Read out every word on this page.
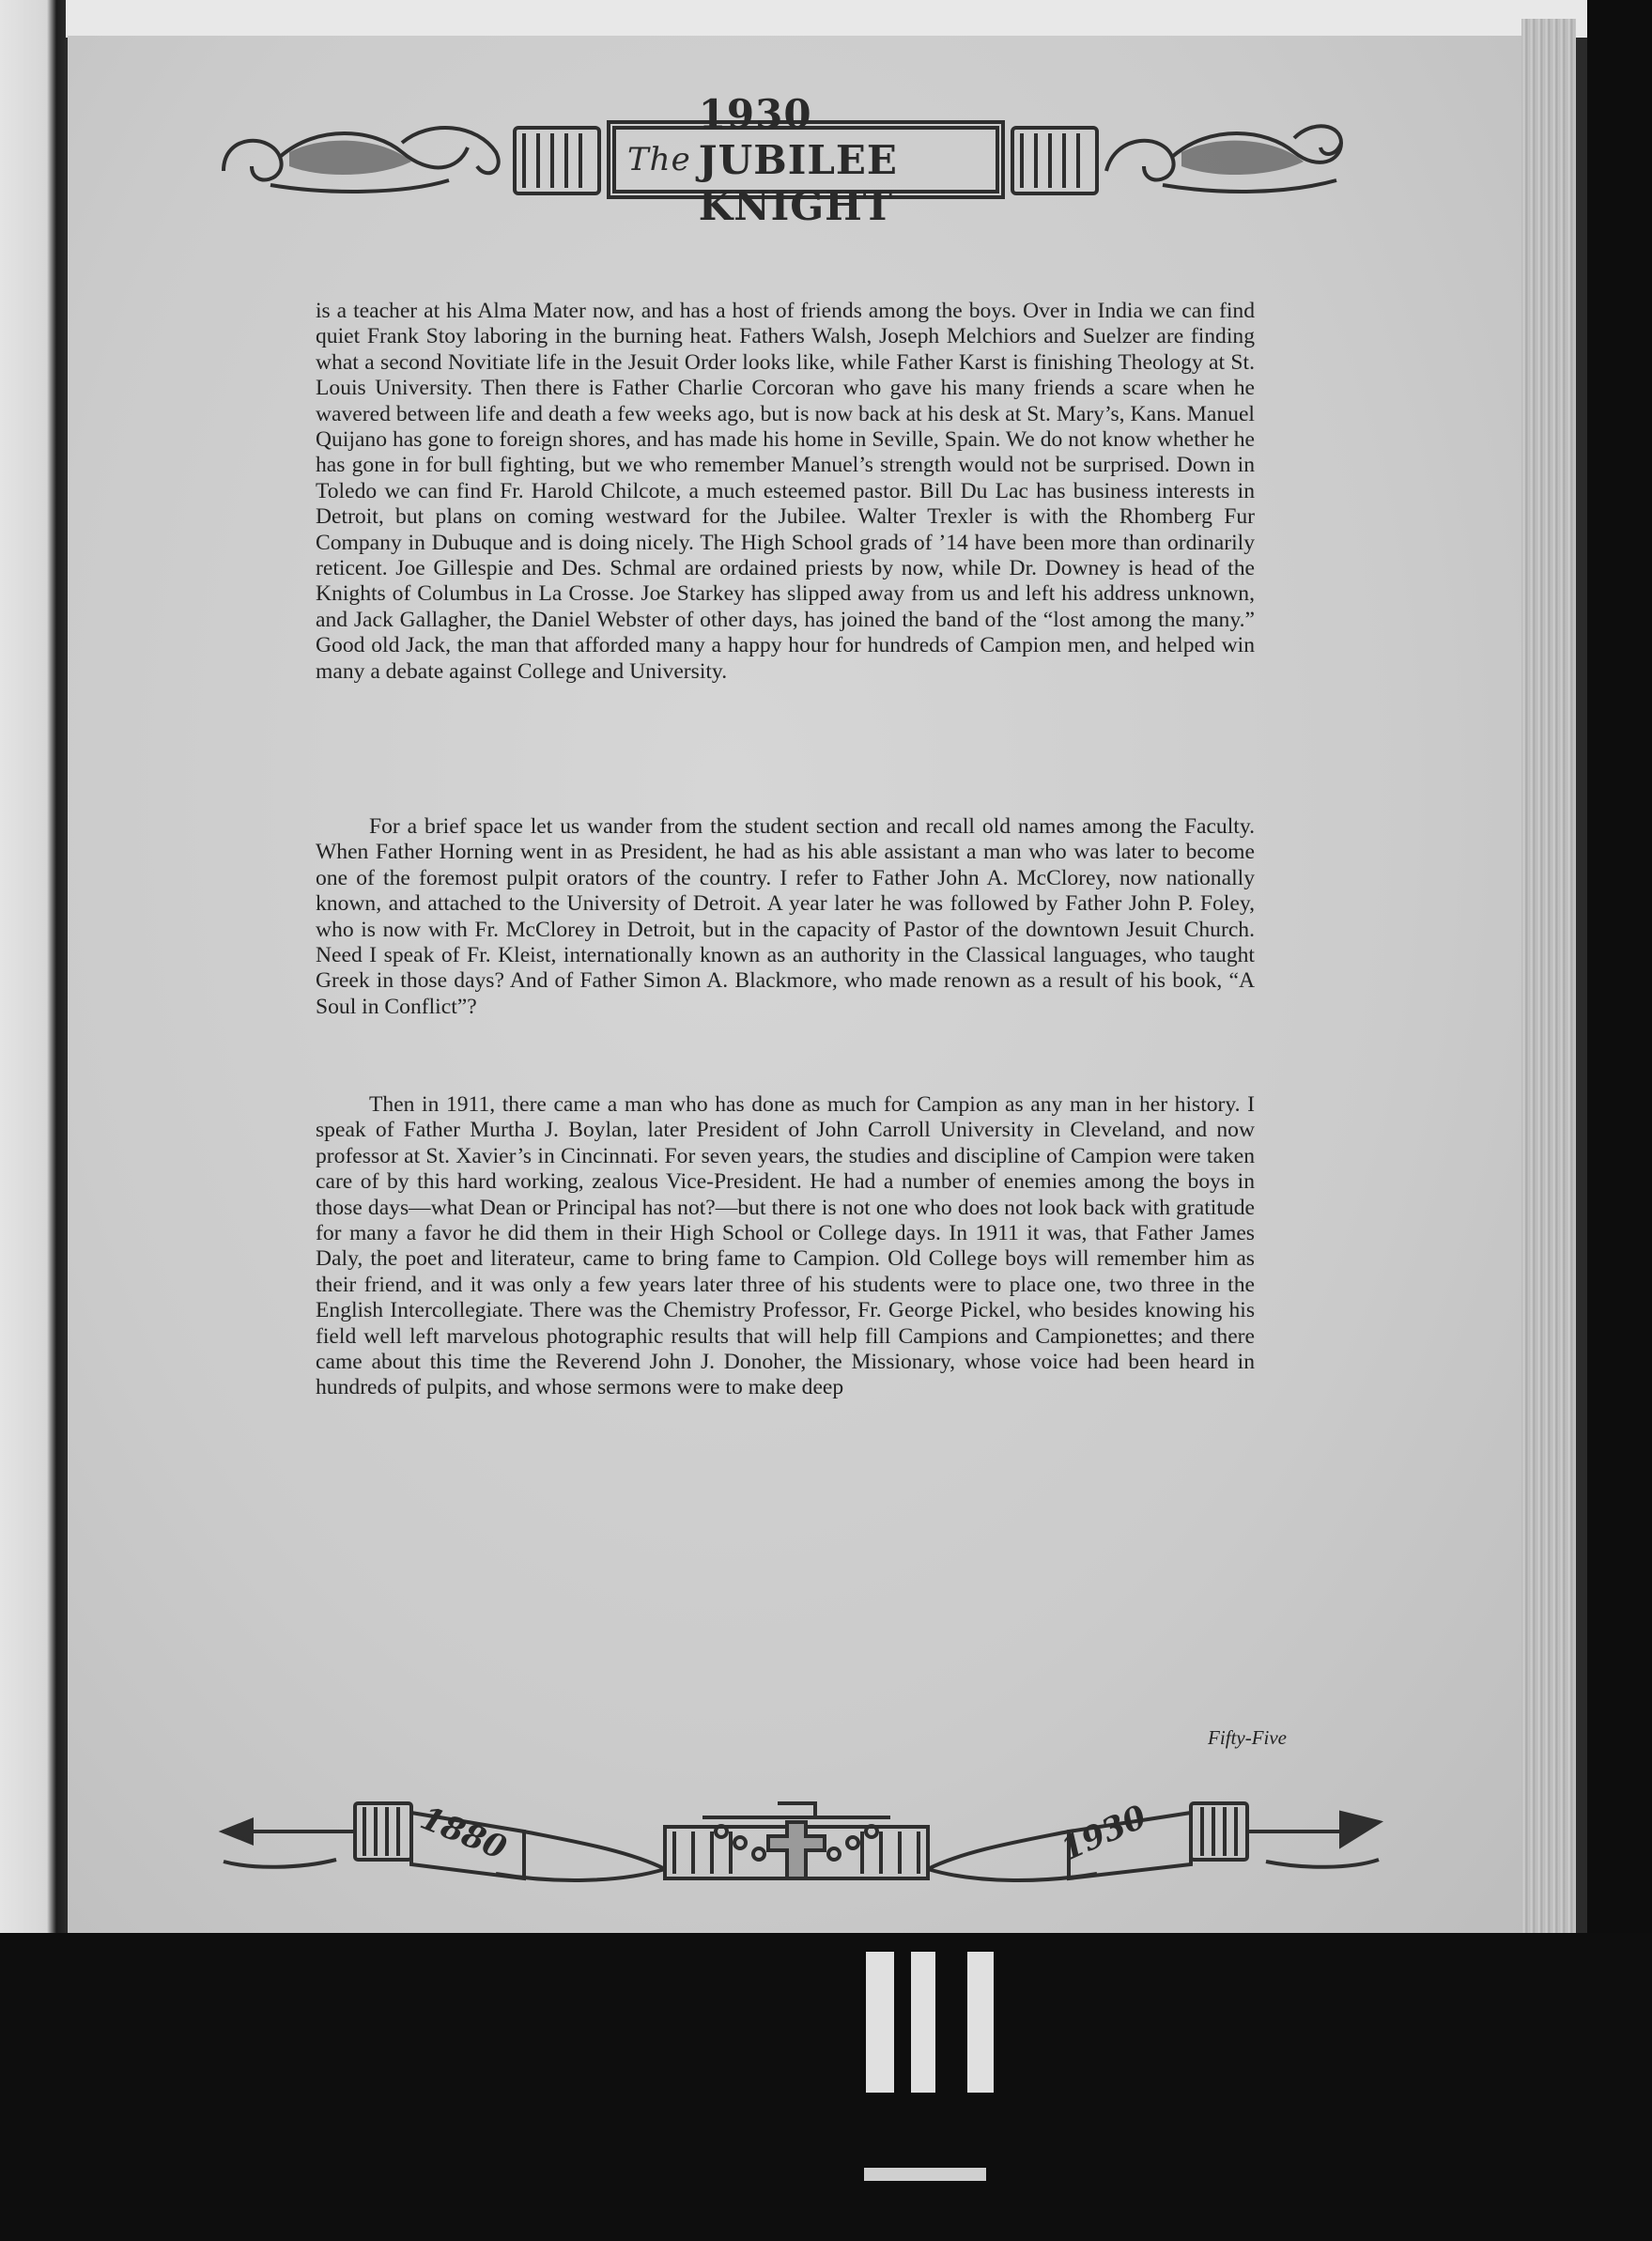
The
1930 JUBILEE KNIGHT
is a teacher at his Alma Mater now, and has a host of friends among the boys. Over in India we can find quiet Frank Stoy laboring in the burning heat. Fathers Walsh, Joseph Melchiors and Suelzer are finding what a second Novitiate life in the Jesuit Order looks like, while Father Karst is finishing Theology at St. Louis University. Then there is Father Charlie Corcoran who gave his many friends a scare when he wavered between life and death a few weeks ago, but is now back at his desk at St. Mary’s, Kans. Manuel Quijano has gone to foreign shores, and has made his home in Seville, Spain. We do not know whether he has gone in for bull fighting, but we who remember Manuel’s strength would not be surprised. Down in Toledo we can find Fr. Harold Chilcote, a much esteemed pastor. Bill Du Lac has business interests in Detroit, but plans on coming westward for the Jubilee. Walter Trexler is with the Rhomberg Fur Company in Dubuque and is doing nicely. The High School grads of ’14 have been more than ordinarily reticent. Joe Gillespie and Des. Schmal are ordained priests by now, while Dr. Downey is head of the Knights of Columbus in La Crosse. Joe Starkey has slipped away from us and left his address unknown, and Jack Gallagher, the Daniel Webster of other days, has joined the band of the “lost among the many.” Good old Jack, the man that afforded many a happy hour for hundreds of Campion men, and helped win many a debate against College and University.
For a brief space let us wander from the student section and recall old names among the Faculty. When Father Horning went in as President, he had as his able assistant a man who was later to become one of the foremost pulpit orators of the country. I refer to Father John A. McClorey, now nationally known, and attached to the University of Detroit. A year later he was followed by Father John P. Foley, who is now with Fr. McClorey in Detroit, but in the capacity of Pastor of the downtown Jesuit Church. Need I speak of Fr. Kleist, internationally known as an authority in the Classical languages, who taught Greek in those days? And of Father Simon A. Blackmore, who made renown as a result of his book, “A Soul in Conflict”?
Then in 1911, there came a man who has done as much for Campion as any man in her history. I speak of Father Murtha J. Boylan, later President of John Carroll University in Cleveland, and now professor at St. Xavier’s in Cincinnati. For seven years, the studies and discipline of Campion were taken care of by this hard working, zealous Vice-President. He had a number of enemies among the boys in those days—what Dean or Principal has not?—but there is not one who does not look back with gratitude for many a favor he did them in their High School or College days. In 1911 it was, that Father James Daly, the poet and literateur, came to bring fame to Campion. Old College boys will remember him as their friend, and it was only a few years later three of his students were to place one, two three in the English Intercollegiate. There was the Chemistry Professor, Fr. George Pickel, who besides knowing his field well left marvelous photographic results that will help fill Campions and Campionettes; and there came about this time the Reverend John J. Donoher, the Missionary, whose voice had been heard in hundreds of pulpits, and whose sermons were to make deep
Fifty-Five
1880	1930
